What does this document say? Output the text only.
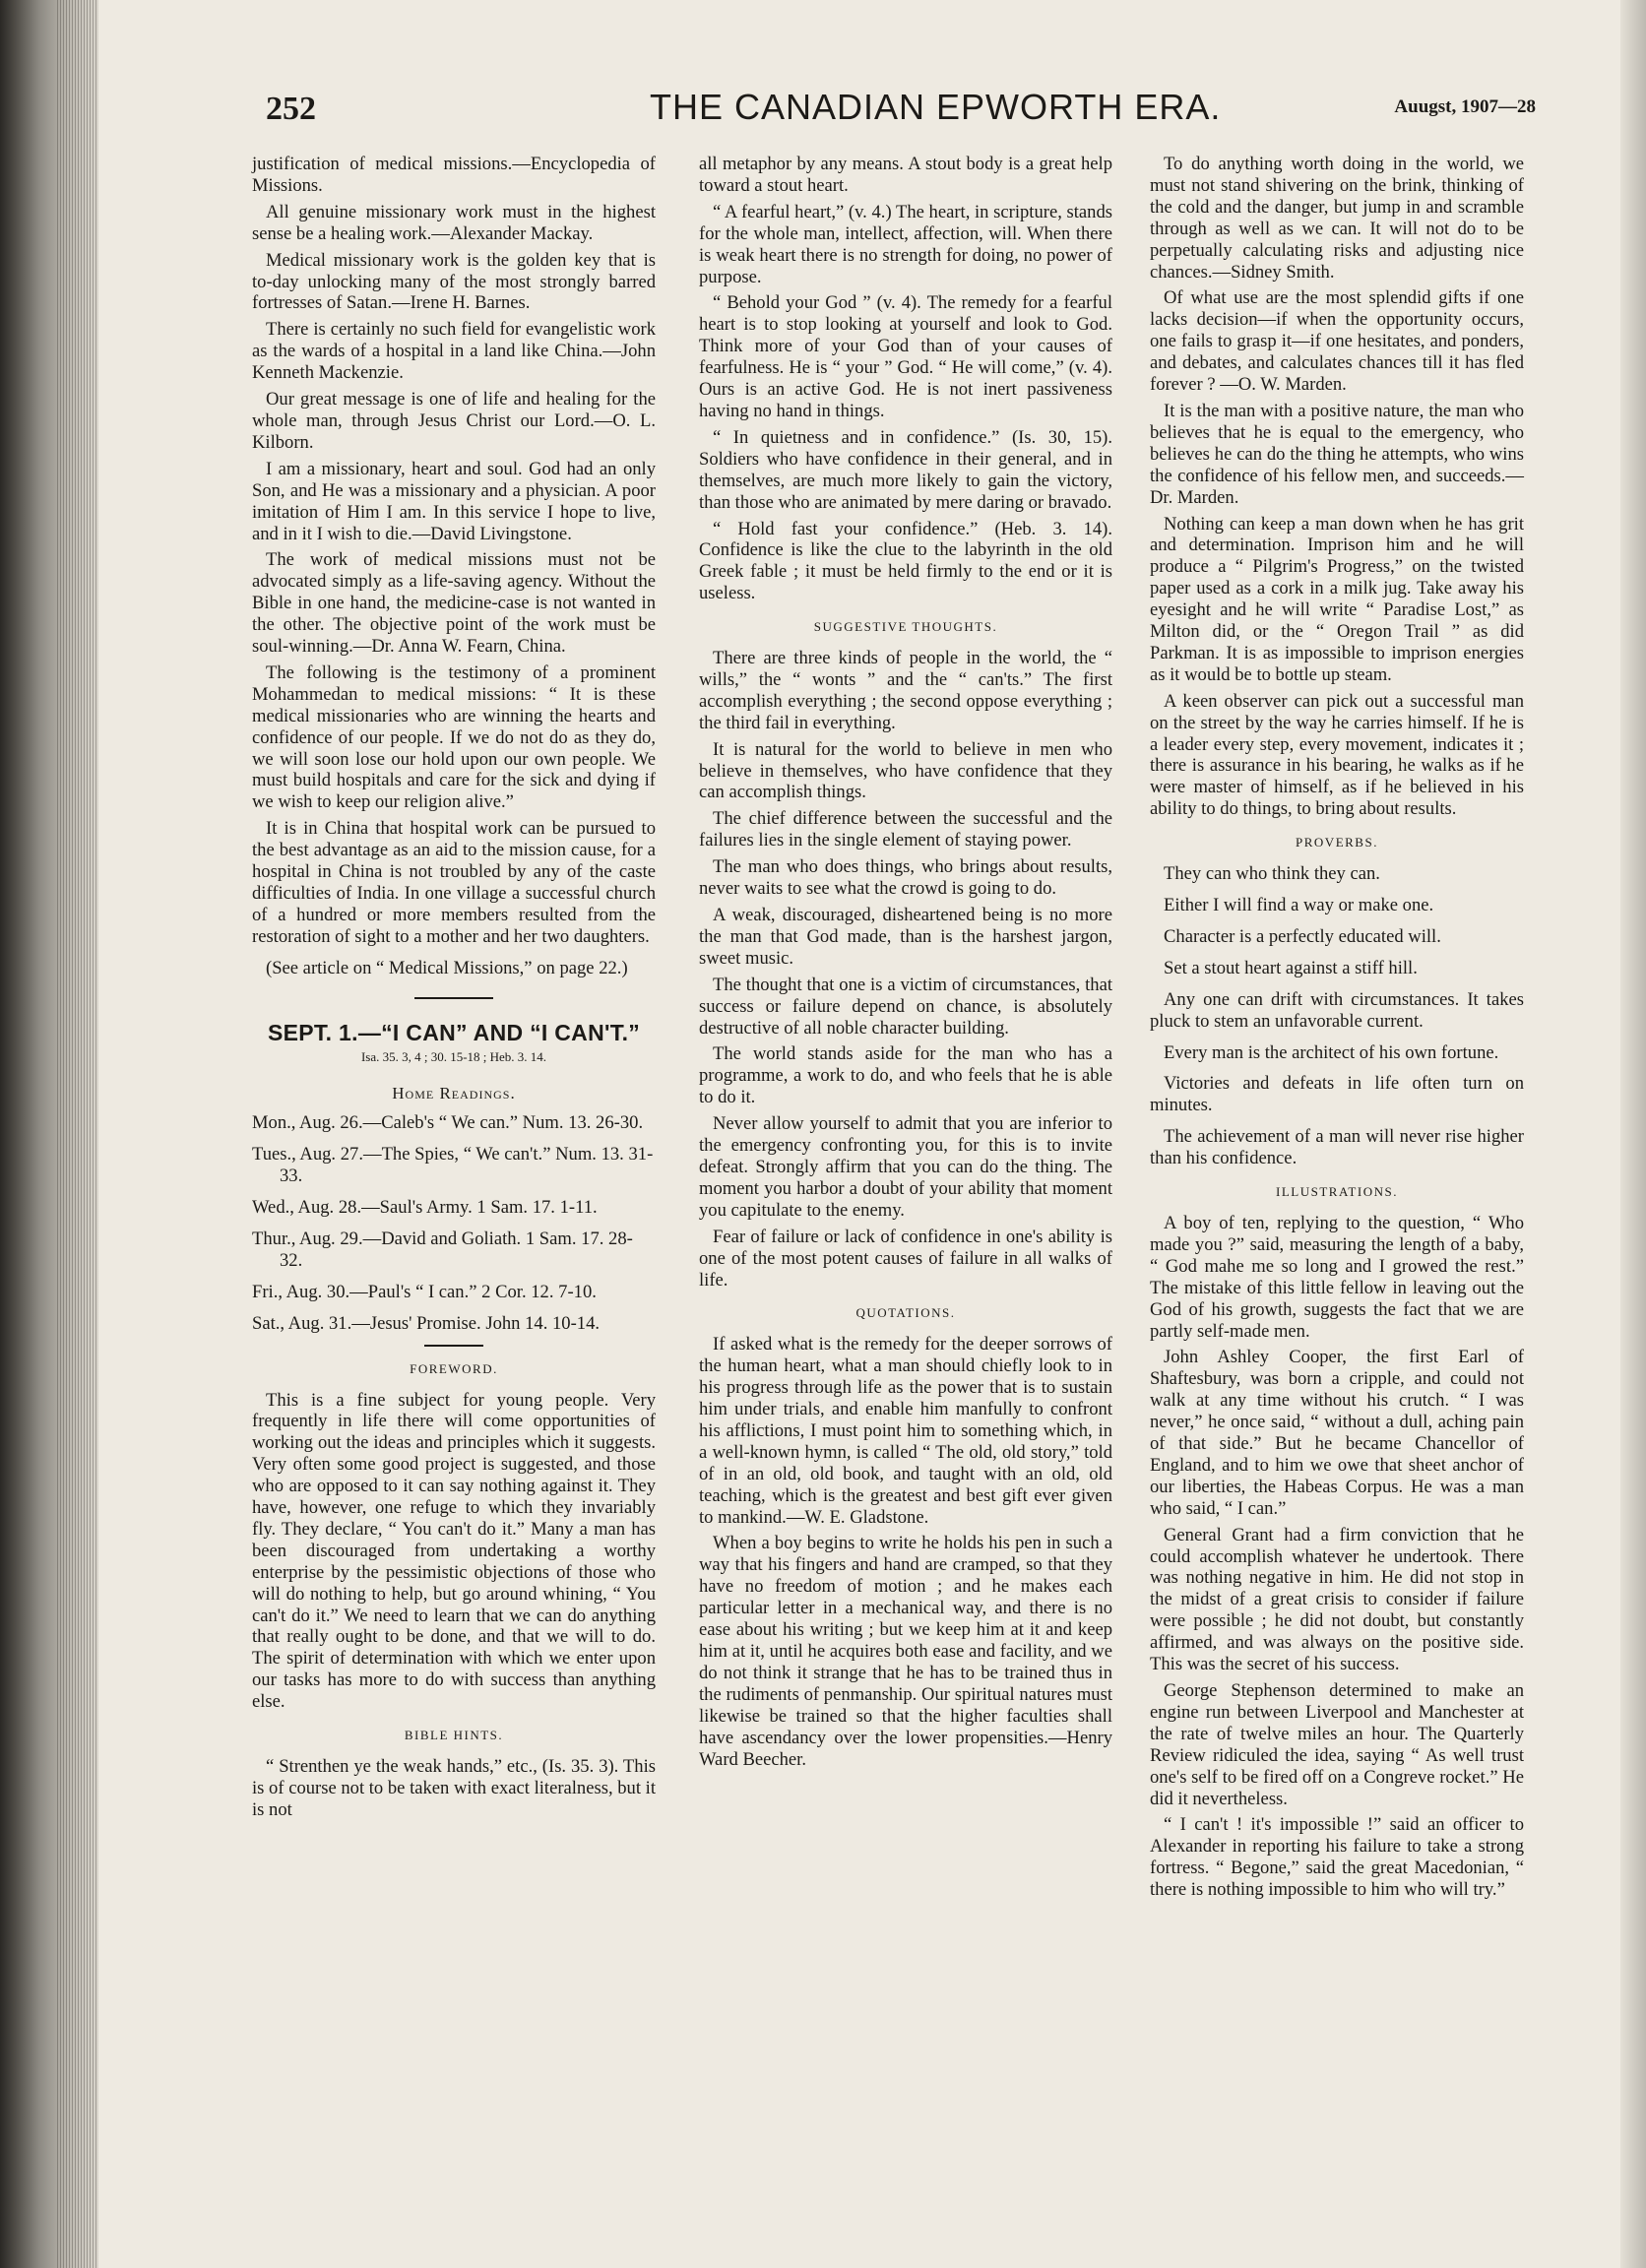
252	THE CANADIAN EPWORTH ERA.	Auugst, 1907—28

justification of medical missions.—Encyclopedia of Missions.

All genuine missionary work must in the highest sense be a healing work.—Alexander Mackay.

Medical missionary work is the golden key that is to-day unlocking many of the most strongly barred fortresses of Satan.—Irene H. Barnes.

There is certainly no such field for evangelistic work as the wards of a hospital in a land like China.—John Kenneth Mackenzie.

Our great message is one of life and healing for the whole man, through Jesus Christ our Lord.—O. L. Kilborn.

I am a missionary, heart and soul. God had an only Son, and He was a missionary and a physician. A poor imitation of Him I am. In this service I hope to live, and in it I wish to die.—David Livingstone.

The work of medical missions must not be advocated simply as a life-saving agency. Without the Bible in one hand, the medicine-case is not wanted in the other. The objective point of the work must be soul-winning.—Dr. Anna W. Fearn, China.

The following is the testimony of a prominent Mohammedan to medical missions: “ It is these medical missionaries who are winning the hearts and confidence of our people. If we do not do as they do, we will soon lose our hold upon our own people. We must build hospitals and care for the sick and dying if we wish to keep our religion alive.”

It is in China that hospital work can be pursued to the best advantage as an aid to the mission cause, for a hospital in China is not troubled by any of the caste difficulties of India. In one village a successful church of a hundred or more members resulted from the restoration of sight to a mother and her two daughters.

(See article on “ Medical Missions,” on page 22.)

SEPT. 1.—“I CAN” AND “I CAN'T.”
Isa. 35. 3, 4 ; 30. 15-18 ; Heb. 3. 14.
Home Readings.

Mon., Aug. 26.—Caleb's “ We can.” Num. 13. 26-30.

Tues., Aug. 27.—The Spies, “ We can't.” Num. 13. 31-33.

Wed., Aug. 28.—Saul's Army. 1 Sam. 17. 1-11.

Thur., Aug. 29.—David and Goliath. 1 Sam. 17. 28-32.

Fri., Aug. 30.—Paul's “ I can.” 2 Cor. 12. 7-10.

Sat., Aug. 31.—Jesus' Promise. John 14. 10-14.

FOREWORD.

This is a fine subject for young people. Very frequently in life there will come opportunities of working out the ideas and principles which it suggests. Very often some good project is suggested, and those who are opposed to it can say nothing against it. They have, however, one refuge to which they invariably fly. They declare, “ You can't do it.” Many a man has been discouraged from undertaking a worthy enterprise by the pessimistic objections of those who will do nothing to help, but go around whining, “ You can't do it.” We need to learn that we can do anything that really ought to be done, and that we will to do. The spirit of determination with which we enter upon our tasks has more to do with success than anything else.

BIBLE HINTS.

“ Strenthen ye the weak hands,” etc., (Is. 35. 3). This is of course not to be taken with exact literalness, but it is not

all metaphor by any means. A stout body is a great help toward a stout heart.

“ A fearful heart,” (v. 4.) The heart, in scripture, stands for the whole man, intellect, affection, will. When there is weak heart there is no strength for doing, no power of purpose.

“ Behold your God ” (v. 4). The remedy for a fearful heart is to stop looking at yourself and look to God. Think more of your God than of your causes of fearfulness. He is “ your ” God. “ He will come,” (v. 4). Ours is an active God. He is not inert passiveness having no hand in things.

“ In quietness and in confidence.” (Is. 30, 15). Soldiers who have confidence in their general, and in themselves, are much more likely to gain the victory, than those who are animated by mere daring or bravado.

“ Hold fast your confidence.” (Heb. 3. 14). Confidence is like the clue to the labyrinth in the old Greek fable ; it must be held firmly to the end or it is useless.

SUGGESTIVE THOUGHTS.

There are three kinds of people in the world, the “ wills,” the “ wonts ” and the “ can'ts.” The first accomplish everything ; the second oppose everything ; the third fail in everything.

It is natural for the world to believe in men who believe in themselves, who have confidence that they can accomplish things.

The chief difference between the successful and the failures lies in the single element of staying power.

The man who does things, who brings about results, never waits to see what the crowd is going to do.

A weak, discouraged, disheartened being is no more the man that God made, than is the harshest jargon, sweet music.

The thought that one is a victim of circumstances, that success or failure depend on chance, is absolutely destructive of all noble character building.

The world stands aside for the man who has a programme, a work to do, and who feels that he is able to do it.

Never allow yourself to admit that you are inferior to the emergency confronting you, for this is to invite defeat. Strongly affirm that you can do the thing. The moment you harbor a doubt of your ability that moment you capitulate to the enemy.

Fear of failure or lack of confidence in one's ability is one of the most potent causes of failure in all walks of life.

QUOTATIONS.

If asked what is the remedy for the deeper sorrows of the human heart, what a man should chiefly look to in his progress through life as the power that is to sustain him under trials, and enable him manfully to confront his afflictions, I must point him to something which, in a well-known hymn, is called “ The old, old story,” told of in an old, old book, and taught with an old, old teaching, which is the greatest and best gift ever given to mankind.—W. E. Gladstone.

When a boy begins to write he holds his pen in such a way that his fingers and hand are cramped, so that they have no freedom of motion ; and he makes each particular letter in a mechanical way, and there is no ease about his writing ; but we keep him at it and keep him at it, until he acquires both ease and facility, and we do not think it strange that he has to be trained thus in the rudiments of penmanship. Our spiritual natures must likewise be trained so that the higher faculties shall have ascendancy over the lower propensities.—Henry Ward Beecher.

To do anything worth doing in the world, we must not stand shivering on the brink, thinking of the cold and the danger, but jump in and scramble through as well as we can. It will not do to be perpetually calculating risks and adjusting nice chances.—Sidney Smith.

Of what use are the most splendid gifts if one lacks decision—if when the opportunity occurs, one fails to grasp it—if one hesitates, and ponders, and debates, and calculates chances till it has fled forever ? —O. W. Marden.

It is the man with a positive nature, the man who believes that he is equal to the emergency, who believes he can do the thing he attempts, who wins the confidence of his fellow men, and succeeds.—Dr. Marden.

Nothing can keep a man down when he has grit and determination. Imprison him and he will produce a “ Pilgrim's Progress,” on the twisted paper used as a cork in a milk jug. Take away his eyesight and he will write “ Paradise Lost,” as Milton did, or the “ Oregon Trail ” as did Parkman. It is as impossible to imprison energies as it would be to bottle up steam.

A keen observer can pick out a successful man on the street by the way he carries himself. If he is a leader every step, every movement, indicates it ; there is assurance in his bearing, he walks as if he were master of himself, as if he believed in his ability to do things, to bring about results.

PROVERBS.

They can who think they can.

Either I will find a way or make one.

Character is a perfectly educated will.

Set a stout heart against a stiff hill.

Any one can drift with circumstances. It takes pluck to stem an unfavorable current.

Every man is the architect of his own fortune.

Victories and defeats in life often turn on minutes.

The achievement of a man will never rise higher than his confidence.

ILLUSTRATIONS.

A boy of ten, replying to the question, “ Who made you ?” said, measuring the length of a baby, “ God mahe me so long and I growed the rest.” The mistake of this little fellow in leaving out the God of his growth, suggests the fact that we are partly self-made men.

John Ashley Cooper, the first Earl of Shaftesbury, was born a cripple, and could not walk at any time without his crutch. “ I was never,” he once said, “ without a dull, aching pain of that side.” But he became Chancellor of England, and to him we owe that sheet anchor of our liberties, the Habeas Corpus. He was a man who said, “ I can.”

General Grant had a firm conviction that he could accomplish whatever he undertook. There was nothing negative in him. He did not stop in the midst of a great crisis to consider if failure were possible ; he did not doubt, but constantly affirmed, and was always on the positive side. This was the secret of his success.

George Stephenson determined to make an engine run between Liverpool and Manchester at the rate of twelve miles an hour. The Quarterly Review ridiculed the idea, saying “ As well trust one's self to be fired off on a Congreve rocket.” He did it nevertheless.

“ I can't ! it's impossible !” said an officer to Alexander in reporting his failure to take a strong fortress. “ Begone,” said the great Macedonian, “ there is nothing impossible to him who will try.”
